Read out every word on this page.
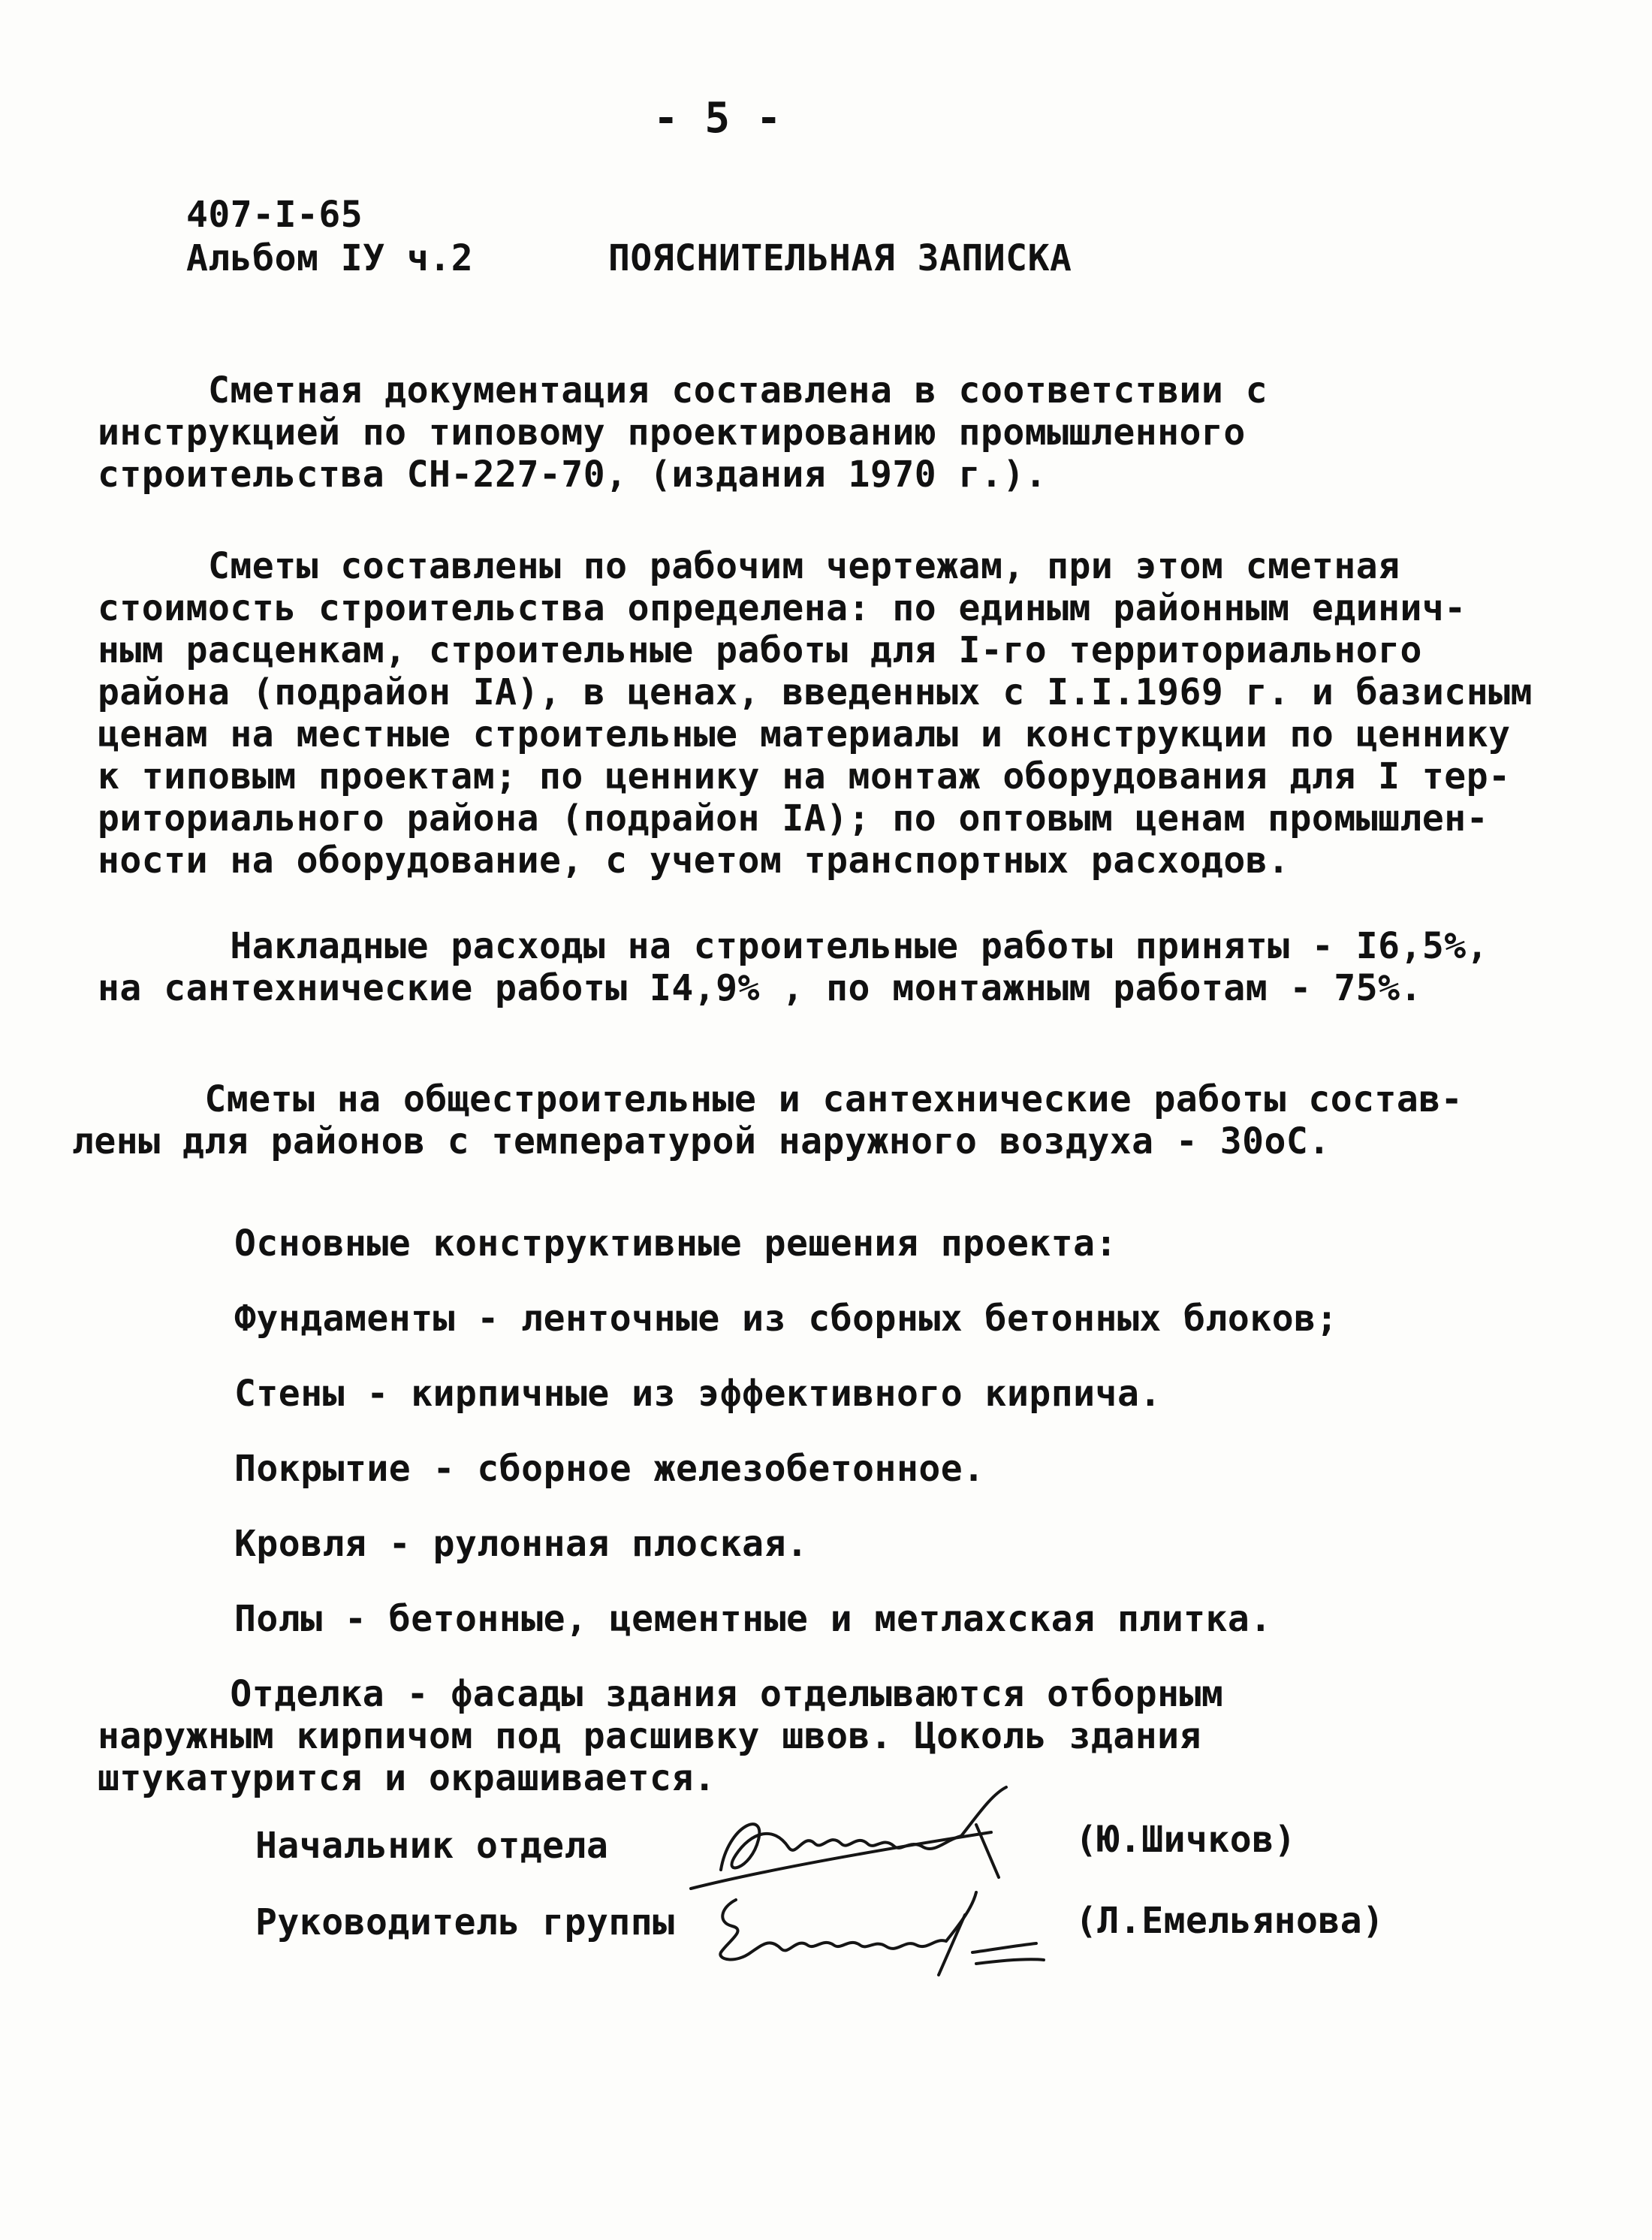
- 5 -
407-I-65
Альбом IУ ч.2	ПОЯСНИТЕЛЬНАЯ ЗАПИСКА

Сметная документация составлена в соответствии с
инструкцией по типовому проектированию промышленного
строительства СН-227-70, (издания 1970 г.).

Сметы составлены по рабочим чертежам, при этом сметная
стоимость строительства определена: по единым районным единич-
ным расценкам, строительные работы для I-го территориального
района (подрайон IА), в ценах, введенных с I.I.1969 г. и базисным
ценам на местные строительные материалы и конструкции по ценнику
к типовым проектам; по ценнику на монтаж оборудования для I тер-
риториального района (подрайон IА); по оптовым ценам промышлен-
ности на оборудование, с учетом транспортных расходов.

Накладные расходы на строительные работы приняты - I6,5%,
на сантехнические работы I4,9% , по монтажным работам - 75%.

Сметы на общестроительные и сантехнические работы состав-
лены для районов с температурой наружного воздуха - 30оС.

Основные конструктивные решения проекта:

Фундаменты - ленточные из сборных бетонных блоков;

Стены - кирпичные из эффективного кирпича.

Покрытие - сборное железобетонное.

Кровля - рулонная плоская.

Полы - бетонные, цементные и метлахская плитка.

Отделка - фасады здания отделываются отборным
наружным кирпичом под расшивку швов. Цоколь здания
штукатурится и окрашивается.

Начальник отдела	(Ю.Шичков)
Руководитель группы	(Л.Емельянова)
